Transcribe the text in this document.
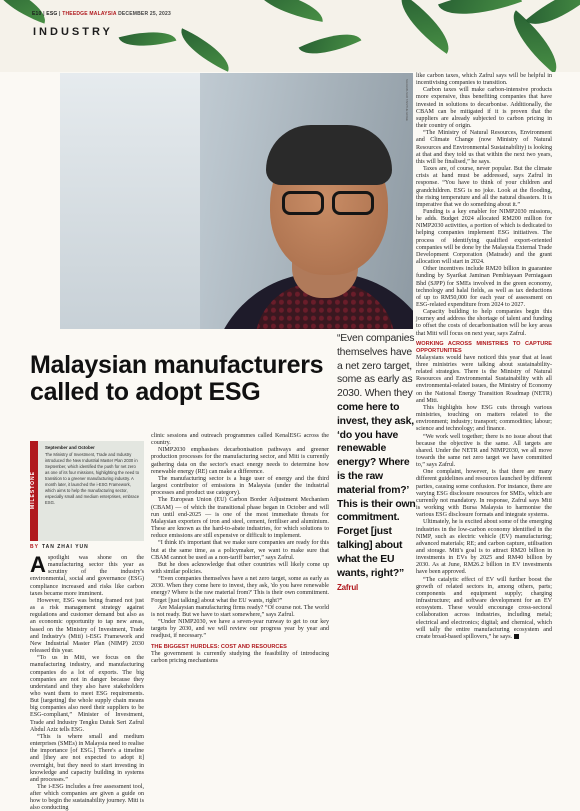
E10 | ESG | THEEDGE MALAYSIA DECEMBER 25, 2023
INDUSTRY
SHAHRILSAD TAN/THE EDGE
Malaysian manufacturers called to adopt ESG
“Even companies themselves have a net zero target, some as early as 2030. When they come here to invest, they ask, ‘do you have renewable energy? Where is the raw material from?’ This is their own commitment. Forget [just talking] about what the EU wants, right?”
Zafrul
MILESTONE
September and October
The Ministry of Investment, Trade and Industry introduced the New Industrial Master Plan 2030 in September, which identified the push for net zero as one of its four missions, highlighting the need to transition to a greener manufacturing industry. A month later, it launched the i-ESG Framework, which aims to help the manufacturing sector, especially small and medium enterprises, embrace ESG.
BY TAN ZHAI YUN

Aspotlight was shone on the manufacturing sector this year as scrutiny of the industry's environmental, social and governance (ESG) compliance increased and risks like carbon taxes became more imminent.

However, ESG was being framed not just as a risk management strategy against regulations and customer demand but also as an economic opportunity to tap new areas, based on the Ministry of Investment, Trade and Industry's (Miti) i-ESG Framework and New Industrial Master Plan (NIMP) 2030 released this year.

“To us in Miti, we focus on the manufacturing industry, and manufacturing companies do a lot of exports. The big companies are not in danger because they understand and they also have stakeholders who want them to meet ESG requirements. But [targeting] the whole supply chain means big companies also need their suppliers to be ESG-compliant,” Minister of Investment, Trade and Industry Tengku Datuk Seri Zafrul Abdul Aziz tells ESG.

“This is where small and medium enterprises (SMEs) in Malaysia need to realise the importance [of ESG.] There's a timeline and [they are not expected to adopt it] overnight, but they need to start investing in knowledge and capacity building in systems and processes.”

The i-ESG includes a free assessment tool, after which companies are given a guide on how to begin the sustainability journey. Miti is also conducting

clinic sessions and outreach programmes called KenalESG across the country.

NIMP2030 emphasises decarbonisation pathways and greener production processes for the manufacturing sector, and Miti is currently gathering data on the sector's exact energy needs to determine how renewable energy (RE) can make a difference.

The manufacturing sector is a huge user of energy and the third largest contributor of emissions in Malaysia (under the industrial processes and product use category).

The European Union (EU) Carbon Border Adjustment Mechanism (CBAM) — of which the transitional phase began in October and will run until end-2025 — is one of the most immediate threats for Malaysian exporters of iron and steel, cement, fertiliser and aluminium. These are known as the hard-to-abate industries, for which solutions to reduce emissions are still expensive or difficult to implement.

“I think it's important that we make sure companies are ready for this but at the same time, as a policymaker, we want to make sure that CBAM cannot be used as a non-tariff barrier,” says Zafrul.

But he does acknowledge that other countries will likely come up with similar policies.

“Even companies themselves have a net zero target, some as early as 2030. When they come here to invest, they ask, 'do you have renewable energy? Where is the raw material from?' This is their own commitment. Forget [just talking] about what the EU wants, right?”

Are Malaysian manufacturing firms ready? “Of course not. The world is not ready. But we have to start somewhere,” says Zafrul.

“Under NIMP2030, we have a seven-year runway to get to our key targets by 2030, and we will review our progress year by year and readjust, if necessary.”

THE BIGGEST HURDLES: COST AND RESOURCES

The government is currently studying the feasibility of introducing carbon pricing mechanisms

like carbon taxes, which Zafrul says will be helpful in incentivising companies to transition.

Carbon taxes will make carbon-intensive products more expensive, thus benefiting companies that have invested in solutions to decarbonise. Additionally, the CBAM can be mitigated if it is proven that the suppliers are already subjected to carbon pricing in their country of origin.

“The Ministry of Natural Resources, Environment and Climate Change (now Ministry of Natural Resources and Environmental Sustainability) is looking at that and they told us that within the next two years, this will be finalised,” he says.

Taxes are, of course, never popular. But the climate crisis at hand must be addressed, says Zafrul in response. “You have to think of your children and grandchildren. ESG is no joke. Look at the flooding, the rising temperature and all the natural disasters. It is imperative that we do something about it.”

Funding is a key enabler for NIMP2030 missions, he adds. Budget 2024 allocated RM200 million for NIMP2030 activities, a portion of which is dedicated to helping companies implement ESG initiatives. The process of identifying qualified export-oriented companies will be done by the Malaysia External Trade Development Corporation (Matrade) and the grant allocation will start in 2024.

Other incentives include RM20 billion in guarantee funding by Syarikat Jaminan Pembiayaan Perniagaan Bhd (SJPP) for SMEs involved in the green economy, technology and halal fields, as well as tax deductions of up to RM50,000 for each year of assessment on ESG-related expenditure from 2024 to 2027.

Capacity building to help companies begin this journey and address the shortage of talent and funding to offset the costs of decarbonisation will be key areas that Miti will focus on next year, says Zafrul.

WORKING ACROSS MINISTRIES TO CAPTURE OPPORTUNITIES

Malaysians would have noticed this year that at least three ministries were talking about sustainability-related strategies. There is the Ministry of Natural Resources and Environmental Sustainability with all environmental-related issues, the Ministry of Economy on the National Energy Transition Roadmap (NETR) and Miti.

This highlights how ESG cuts through various ministries, touching on matters related to the environment; industry; transport; commodities; labour; science and technology; and finance.

“We work well together; there is no issue about that because the objective is the same. All targets are shared. Under the NETR and NIMP2030, we all move towards the same net zero target we have committed to,” says Zafrul.

One complaint, however, is that there are many different guidelines and resources launched by different parties, causing some confusion. For instance, there are varying ESG disclosure resources for SMEs, which are currently not mandatory. In response, Zafrul says Miti is working with Bursa Malaysia to harmonise the various ESG disclosure formats and integrate systems.

Ultimately, he is excited about some of the emerging industries in the low-carbon economy identified in the NIMP, such as electric vehicle (EV) manufacturing; advanced materials; RE; and carbon capture, utilisation and storage. Miti's goal is to attract RM20 billion in investments in EVs by 2025 and RM40 billion by 2030. As at June, RM26.2 billion in EV investments have been approved.

“The catalytic effect of EV will further boost the growth of related sectors in, among others, parts; components and equipment supply; charging infrastructure; and software development for an EV ecosystem. These would encourage cross-sectoral collaboration across industries, including metal; electrical and electronics; digital; and chemical, which will tally the entire manufacturing ecosystem and create broad-based spillovers,” he says.
